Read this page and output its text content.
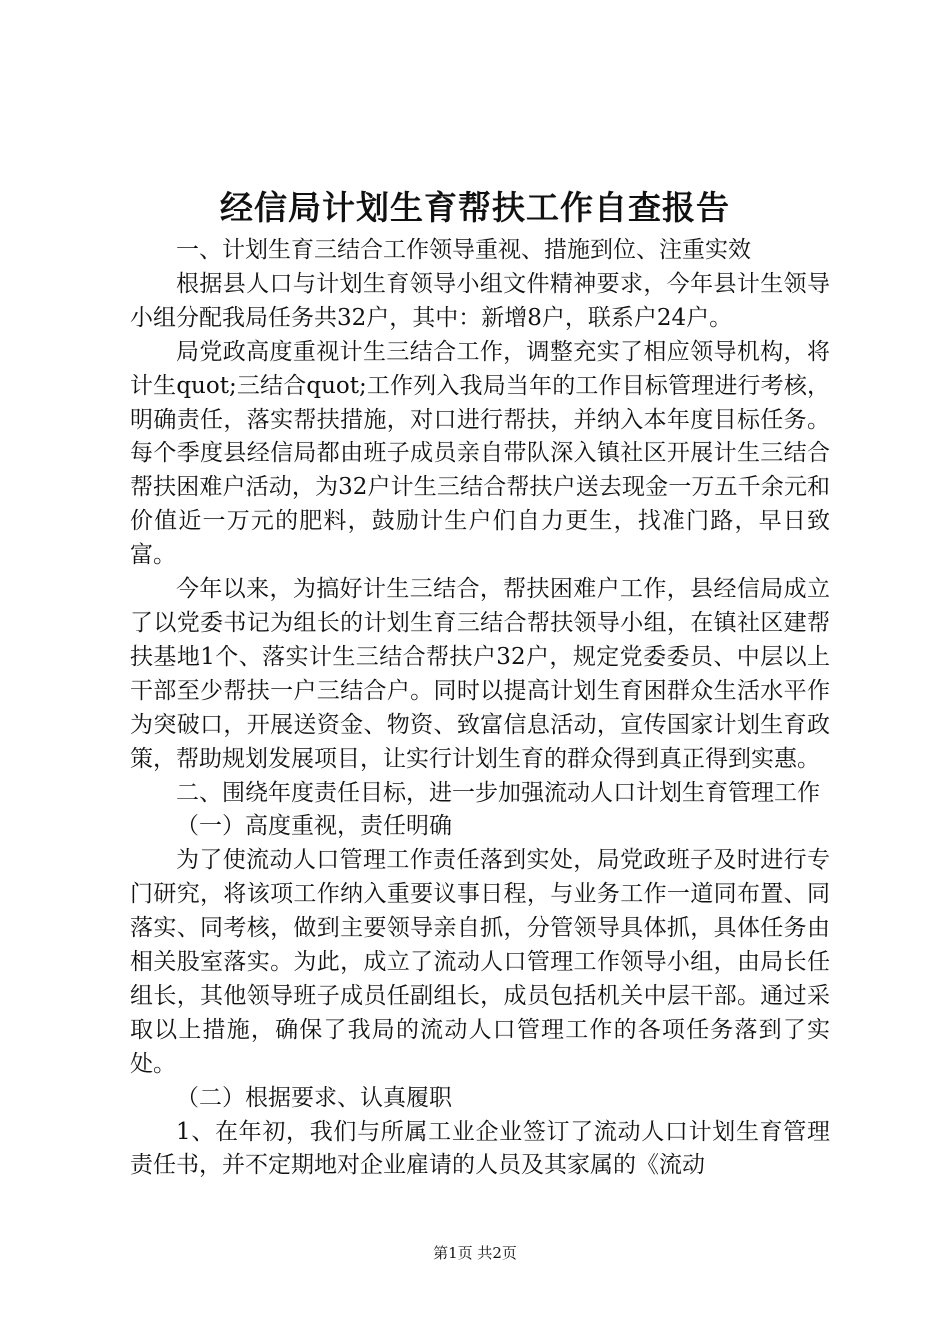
经信局计划生育帮扶工作自查报告

一、计划生育三结合工作领导重视、措施到位、注重实效

根据县人口与计划生育领导小组文件精神要求，今年县计生领导小组分配我局任务共32户，其中：新增8户，联系户24户。

局党政高度重视计生三结合工作，调整充实了相应领导机构，将计生quot;三结合quot;工作列入我局当年的工作目标管理进行考核，明确责任，落实帮扶措施，对口进行帮扶，并纳入本年度目标任务。每个季度县经信局都由班子成员亲自带队深入镇社区开展计生三结合帮扶困难户活动，为32户计生三结合帮扶户送去现金一万五千余元和价值近一万元的肥料，鼓励计生户们自力更生，找准门路，早日致富。

今年以来，为搞好计生三结合，帮扶困难户工作，县经信局成立了以党委书记为组长的计划生育三结合帮扶领导小组，在镇社区建帮扶基地1个、落实计生三结合帮扶户32户，规定党委委员、中层以上干部至少帮扶一户三结合户。同时以提高计划生育困群众生活水平作为突破口，开展送资金、物资、致富信息活动，宣传国家计划生育政策，帮助规划发展项目，让实行计划生育的群众得到真正得到实惠。

二、围绕年度责任目标，进一步加强流动人口计划生育管理工作

（一）高度重视，责任明确

为了使流动人口管理工作责任落到实处，局党政班子及时进行专门研究，将该项工作纳入重要议事日程，与业务工作一道同布置、同落实、同考核，做到主要领导亲自抓，分管领导具体抓，具体任务由相关股室落实。为此，成立了流动人口管理工作领导小组，由局长任组长，其他领导班子成员任副组长，成员包括机关中层干部。通过采取以上措施，确保了我局的流动人口管理工作的各项任务落到了实处。

（二）根据要求、认真履职

1、在年初，我们与所属工业企业签订了流动人口计划生育管理责任书，并不定期地对企业雇请的人员及其家属的《流动

第1页 共2页
